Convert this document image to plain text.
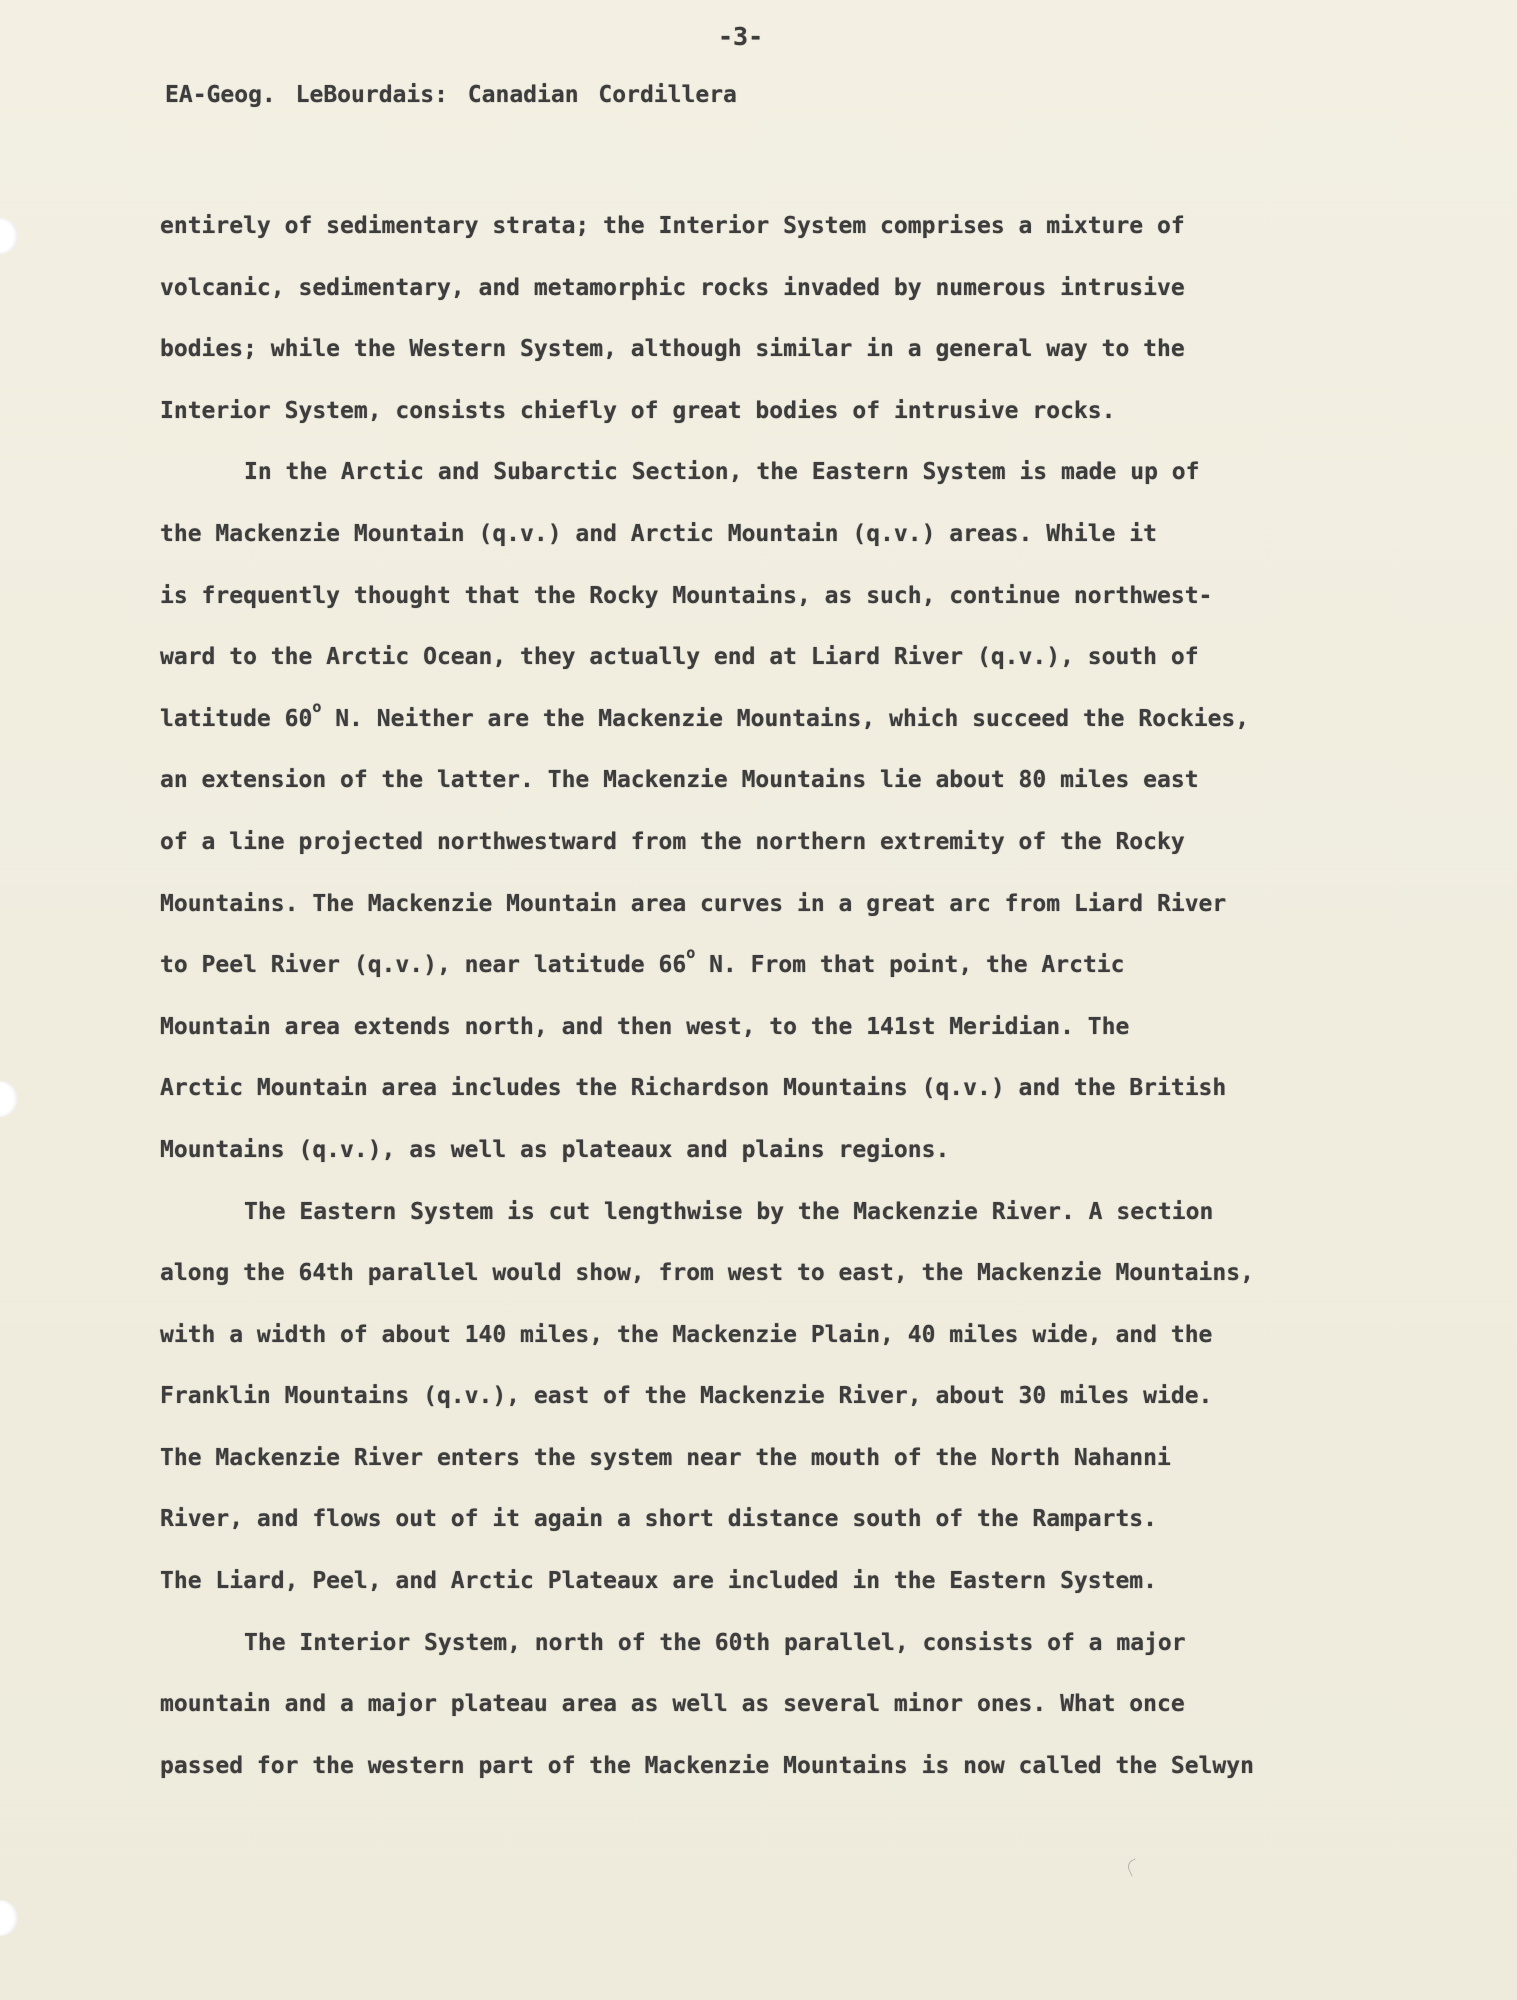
-3-
EA-Geog. LeBourdais: Canadian Cordillera
entirely of sedimentary strata; the Interior System comprises a mixture of
volcanic, sedimentary, and metamorphic rocks invaded by numerous intrusive
bodies; while the Western System, although similar in a general way to the
Interior System, consists chiefly of great bodies of intrusive rocks.
In the Arctic and Subarctic Section, the Eastern System is made up of
the Mackenzie Mountain (q.v.) and Arctic Mountain (q.v.) areas. While it
is frequently thought that the Rocky Mountains, as such, continue northwest-
ward to the Arctic Ocean, they actually end at Liard River (q.v.), south of
latitude 60$^o$ N. Neither are the Mackenzie Mountains, which succeed the Rockies,
an extension of the latter. The Mackenzie Mountains lie about 80 miles east
of a line projected northwestward from the northern extremity of the Rocky
Mountains. The Mackenzie Mountain area curves in a great arc from Liard River
to Peel River (q.v.), near latitude 66$^o$ N. From that point, the Arctic
Mountain area extends north, and then west, to the 141st Meridian. The
Arctic Mountain area includes the Richardson Mountains (q.v.) and the British
Mountains (q.v.), as well as plateaux and plains regions.
The Eastern System is cut lengthwise by the Mackenzie River. A section
along the 64th parallel would show, from west to east, the Mackenzie Mountains,
with a width of about 140 miles, the Mackenzie Plain, 40 miles wide, and the
Franklin Mountains (q.v.), east of the Mackenzie River, about 30 miles wide.
The Mackenzie River enters the system near the mouth of the North Nahanni
River, and flows out of it again a short distance south of the Ramparts.
The Liard, Peel, and Arctic Plateaux are included in the Eastern System.
The Interior System, north of the 60th parallel, consists of a major
mountain and a major plateau area as well as several minor ones. What once
passed for the western part of the Mackenzie Mountains is now called the Selwyn
